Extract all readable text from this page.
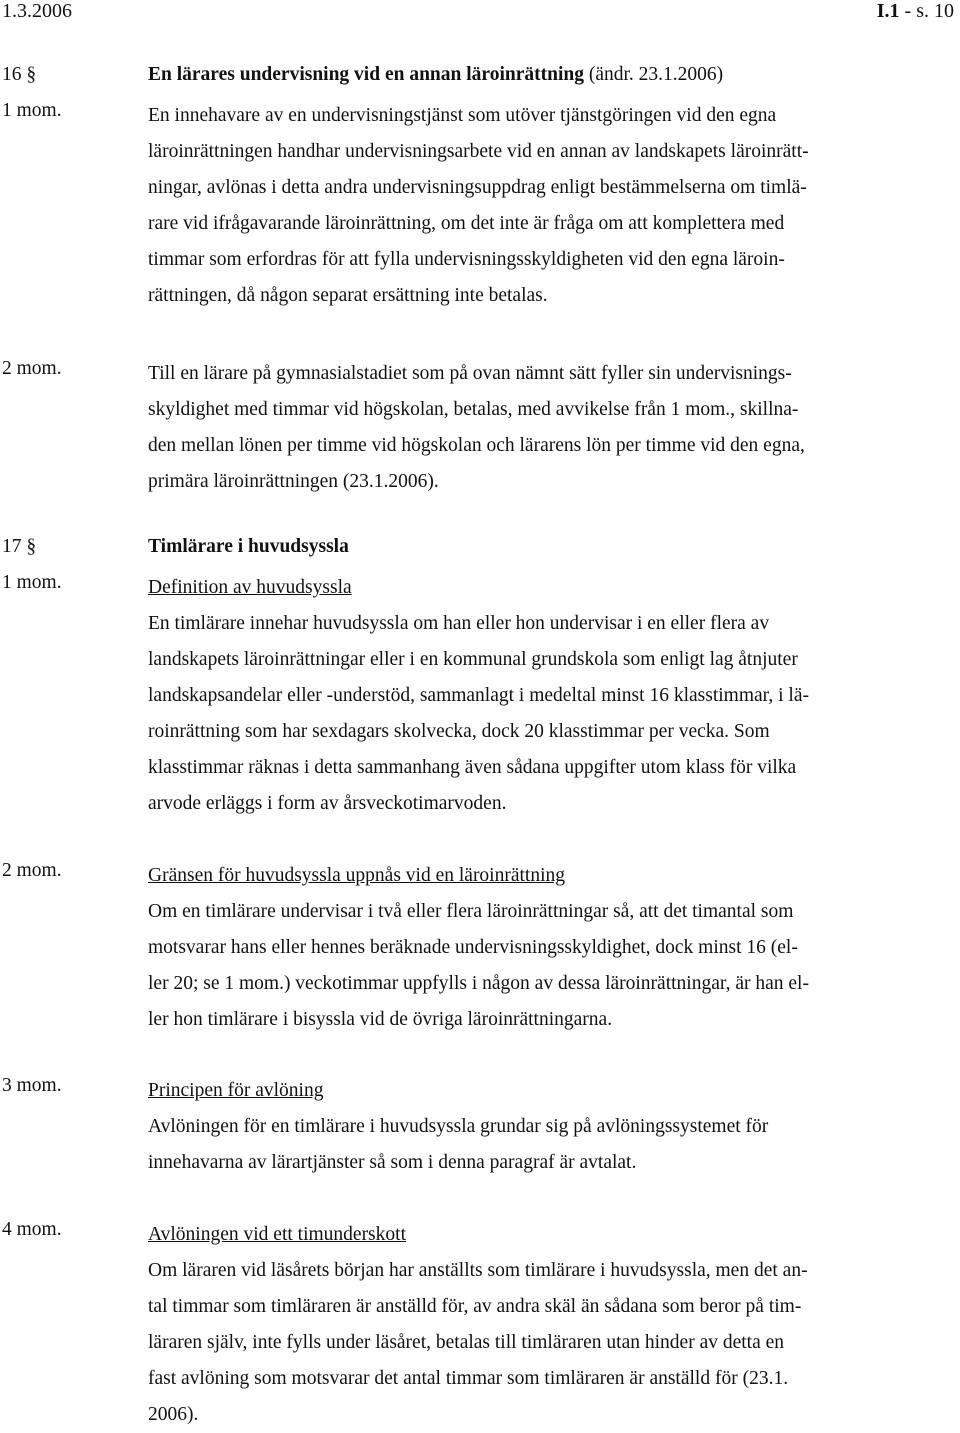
1.3.2006	I.1 - s. 10
16 §	En lärares undervisning vid en annan läroinrättning (ändr. 23.1.2006)
1 mom.	En innehavare av en undervisningstjänst som utöver tjänstgöringen vid den egna
läroinrättningen handhar undervisningsarbete vid en annan av landskapets läroinrätt-
ningar, avlönas i detta andra undervisningsuppdrag enligt bestämmelserna om timlä-
rare vid ifrågavarande läroinrättning, om det inte är fråga om att komplettera med
timmar som erfordras för att fylla undervisningsskyldigheten vid den egna läroin-
rättningen, då någon separat ersättning inte betalas.
2 mom.	Till en lärare på gymnasialstadiet som på ovan nämnt sätt fyller sin undervisnings-
skyldighet med timmar vid högskolan, betalas, med avvikelse från 1 mom., skillna-
den mellan lönen per timme vid högskolan och lärarens lön per timme vid den egna,
primära läroinrättningen (23.1.2006).
17 §	Timlärare i huvudsyssla
1 mom.	Definition av huvudsyssla
En timlärare innehar huvudsyssla om han eller hon undervisar i en eller flera av
landskapets läroinrättningar eller i en kommunal grundskola som enligt lag åtnjuter
landskapsandelar eller -understöd, sammanlagt i medeltal minst 16 klasstimmar, i lä-
roinrättning som har sexdagars skolvecka, dock 20 klasstimmar per vecka. Som
klasstimmar räknas i detta sammanhang även sådana uppgifter utom klass för vilka
arvode erläggs i form av årsveckotimarvoden.
2 mom.	Gränsen för huvudsyssla uppnås vid en läroinrättning
Om en timlärare undervisar i två eller flera läroinrättningar så, att det timantal som
motsvarar hans eller hennes beräknade undervisningsskyldighet, dock minst 16 (el-
ler 20; se 1 mom.) veckotimmar uppfylls i någon av dessa läroinrättningar, är han el-
ler hon timlärare i bisyssla vid de övriga läroinrättningarna.
3 mom.	Principen för avlöning
Avlöningen för en timlärare i huvudsyssla grundar sig på avlöningssystemet för
innehavarna av lärartjänster så som i denna paragraf är avtalat.
4 mom.	Avlöningen vid ett timunderskott
Om läraren vid läsårets början har anställts som timlärare i huvudsyssla, men det an-
tal timmar som timläraren är anställd för, av andra skäl än sådana som beror på tim-
läraren själv, inte fylls under läsåret, betalas till timläraren utan hinder av detta en
fast avlöning som motsvarar det antal timmar som timläraren är anställd för (23.1.
2006).
